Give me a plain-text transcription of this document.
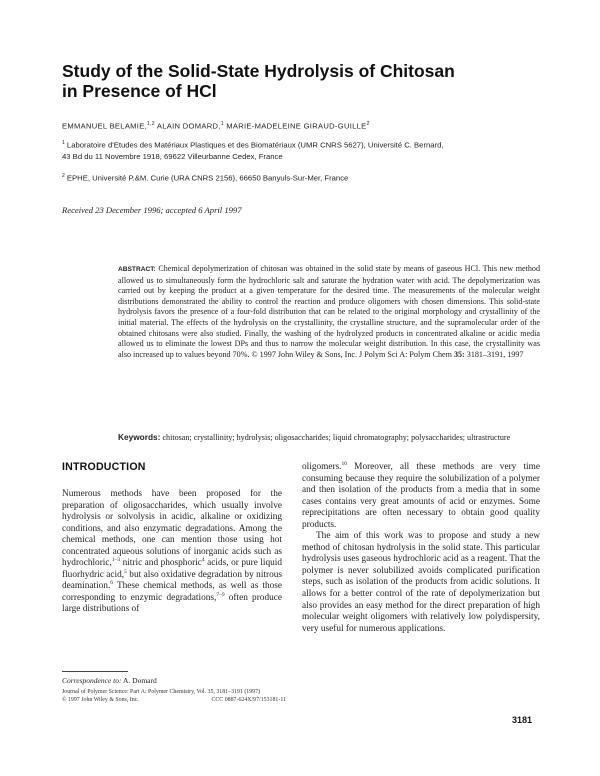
Study of the Solid-State Hydrolysis of Chitosan
in Presence of HCl
EMMANUEL BELAMIE,$^{1,2}$ ALAIN DOMARD,$^1$ MARIE-MADELEINE GIRAUD-GUILLE$^2$
$^1$ Laboratoire d'Etudes des Matériaux Plastiques et des Biomatériaux (UMR CNRS 5627), Université C. Bernard,
43 Bd du 11 Novembre 1918, 69622 Villeurbanne Cedex, France
$^2$ EPHE, Université P.&M. Curie (URA CNRS 2156), 66650 Banyuls-Sur-Mer, France
Received 23 December 1996; accepted 6 April 1997
ABSTRACT: Chemical depolymerization of chitosan was obtained in the solid state by means of gaseous HCl. This new method allowed us to simultaneously form the hydrochloric salt and saturate the hydration water with acid. The depolymerization was carried out by keeping the product at a given temperature for the desired time. The measurements of the molecular weight distributions demonstrated the ability to control the reaction and produce oligomers with chosen dimensions. This solid-state hydrolysis favors the presence of a four-fold distribution that can be related to the original morphology and crystallinity of the initial material. The effects of the hydrolysis on the crystallinity, the crystalline structure, and the supramolecular order of the obtained chitosans were also studied. Finally, the washing of the hydrolyzed products in concentrated alkaline or acidic media allowed us to eliminate the lowest DPs and thus to narrow the molecular weight distribution. In this case, the crystallinity was also increased up to values beyond 70%. © 1997 John Wiley & Sons, Inc. J Polym Sci A: Polym Chem 35: 3181–3191, 1997
Keywords: chitosan; crystallinity; hydrolysis; oligosaccharides; liquid chromatography; polysaccharides; ultrastructure
INTRODUCTION
Numerous methods have been proposed for the preparation of oligosaccharides, which usually involve hydrolysis or solvolysis in acidic, alkaline or oxidizing conditions, and also enzymatic degradations. Among the chemical methods, one can mention those using hot concentrated aqueous solutions of inorganic acids such as hydrochloric,$^{1-3}$ nitric and phosphoric$^4$ acids, or pure liquid fluorhydric acid,$^5$ but also oxidative degradation by nitrous deamination.$^6$ These chemical methods, as well as those corresponding to enzymic degradations,$^{7-9}$ often produce large distributions of

oligomers.$^{10}$ Moreover, all these methods are very time consuming because they require the solubilization of a polymer and then isolation of the products from a media that in some cases contains very great amounts of acid or enzymes. Some reprecipitations are often necessary to obtain good quality products.

The aim of this work was to propose and study a new method of chitosan hydrolysis in the solid state. This particular hydrolysis uses gaseous hydrochloric acid as a reagent. That the polymer is never solubilized avoids complicated purification steps, such as isolation of the products from acidic solutions. It allows for a better control of the rate of depolymerization but also provides an easy method for the direct preparation of high molecular weight oligomers with relatively low polydispersity, very useful for numerous applications.

Correspondence to: A. Domard
Journal of Polymer Science: Part A: Polymer Chemistry, Vol. 35, 3181–3191 (1997)
© 1997 John Wiley & Sons, Inc.	CCC 0887-624X/97/153181-11
3181
